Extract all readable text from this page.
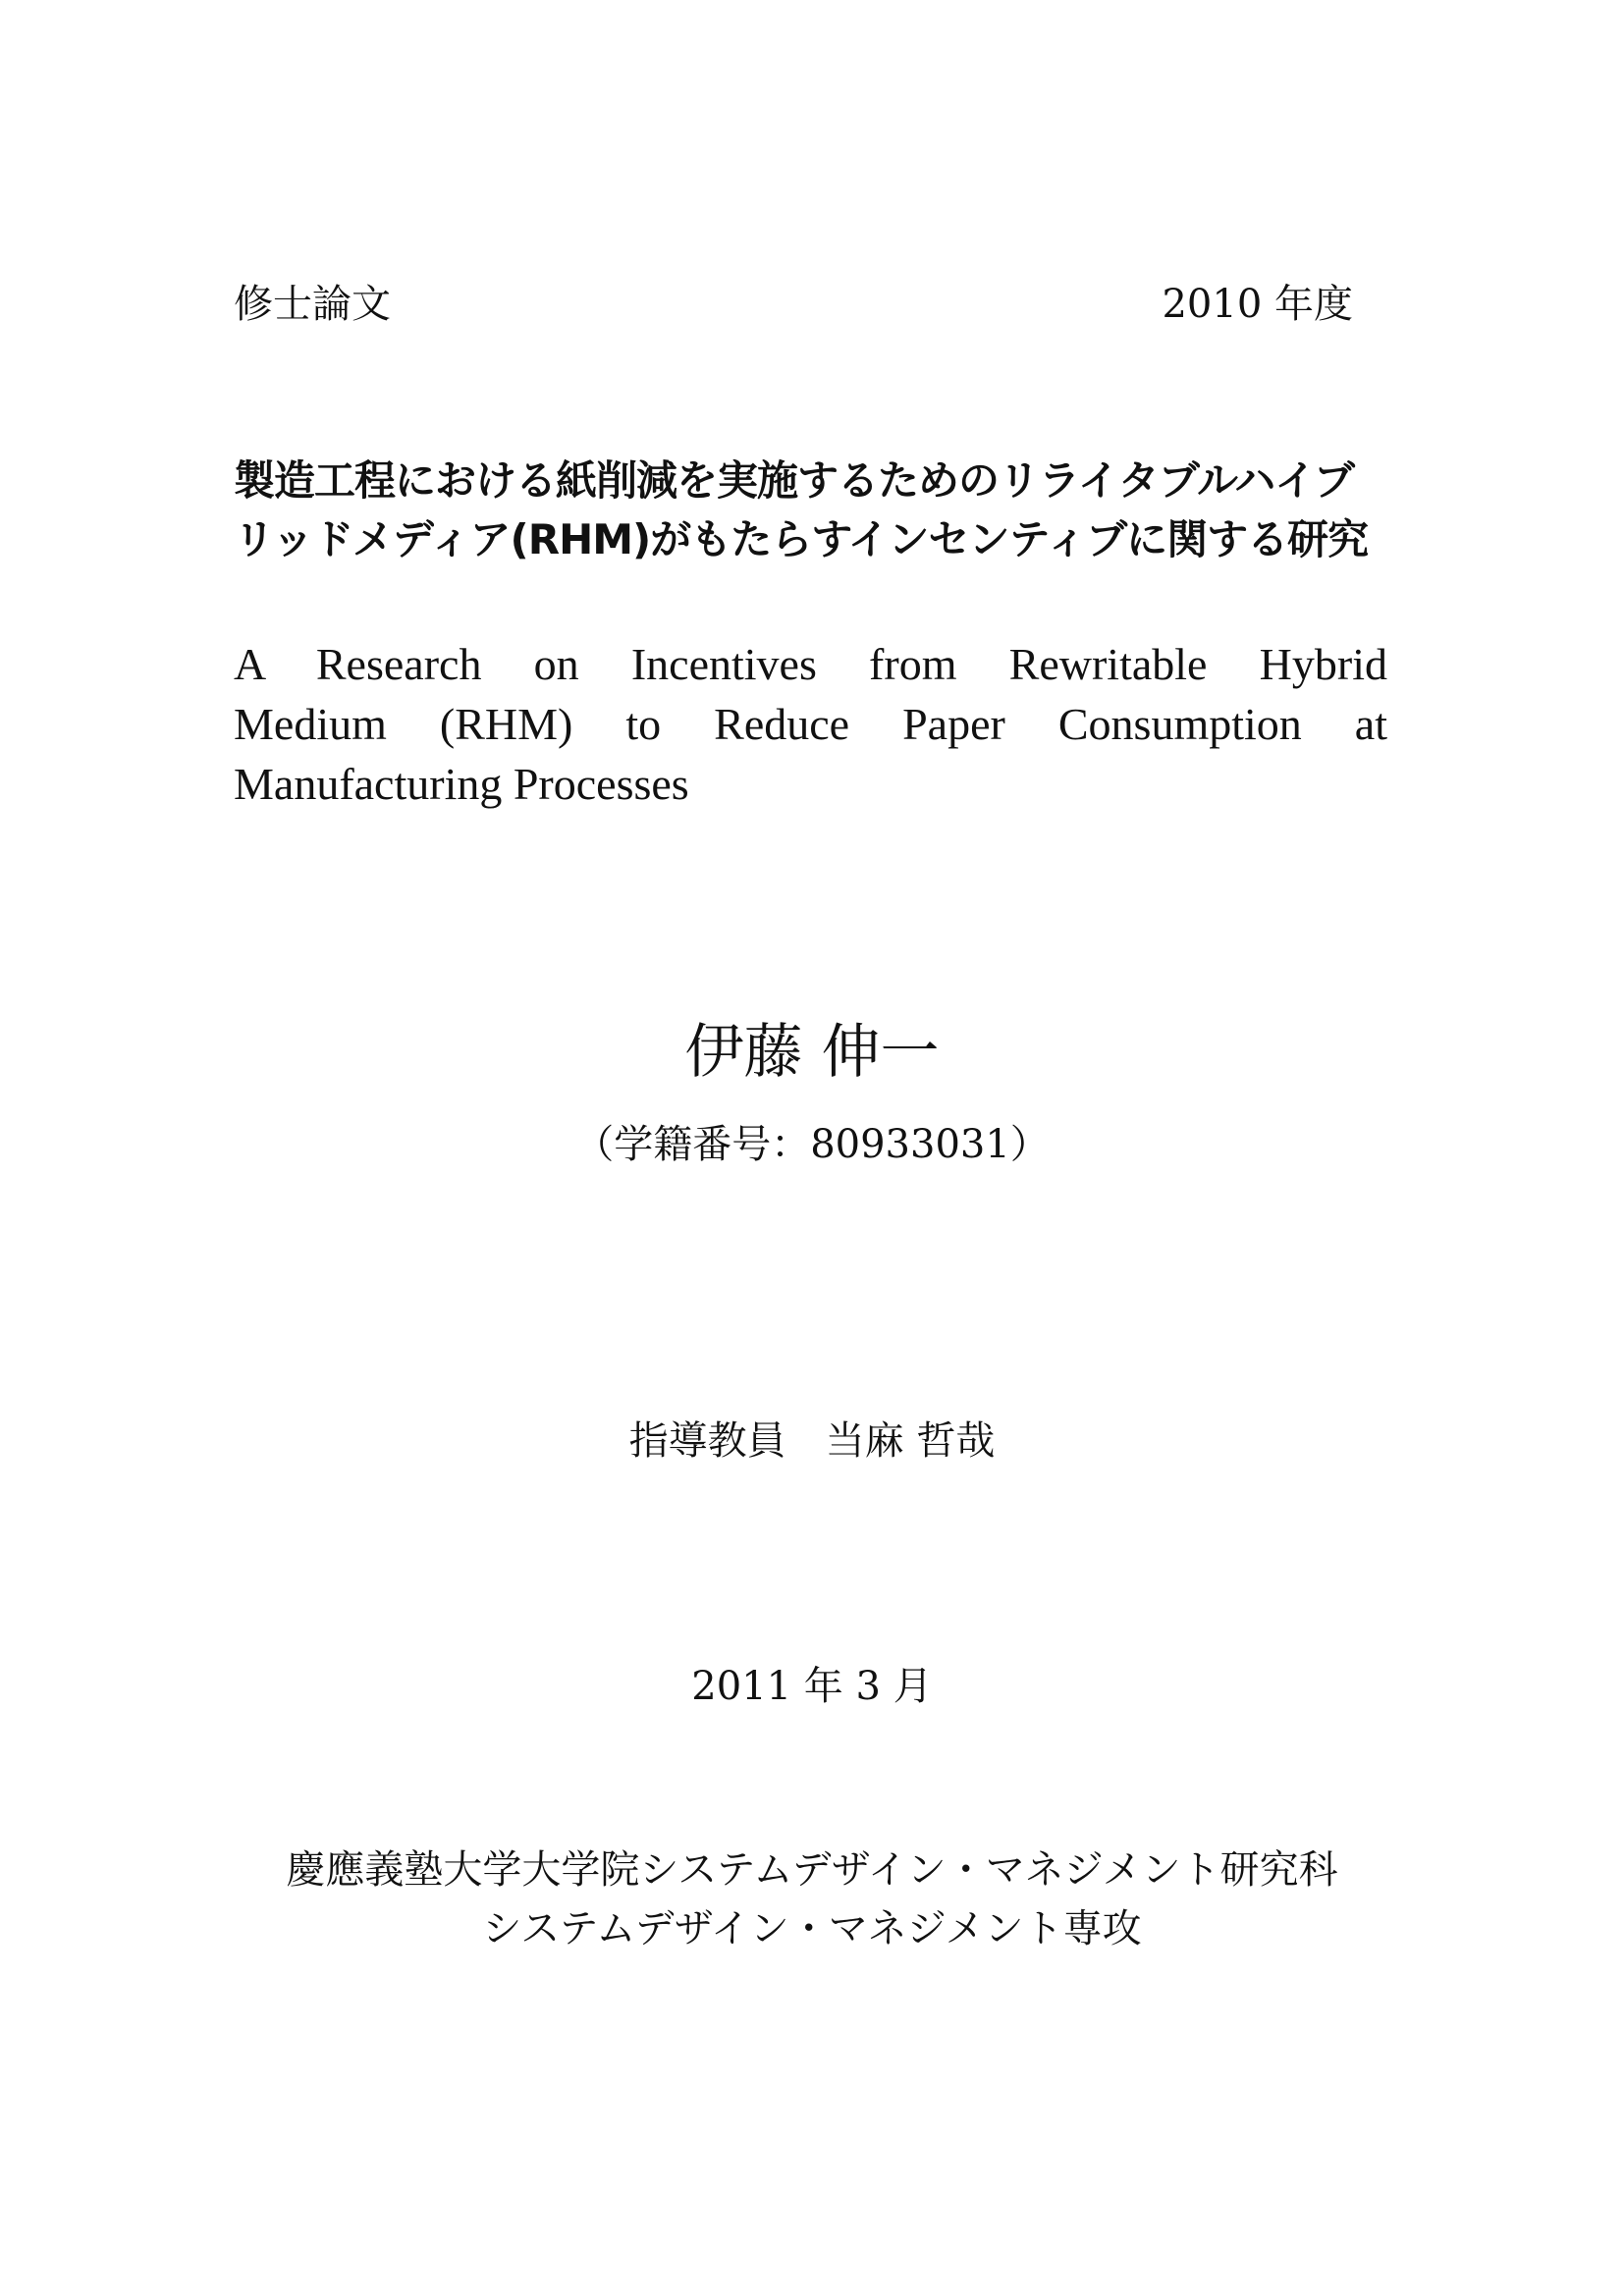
修士論文	2010 年度
製造工程における紙削減を実施するためのリライタブルハイブ
リッドメディア(RHM)がもたらすインセンティブに関する研究
A Research on Incentives from Rewritable Hybrid
Medium (RHM) to Reduce Paper Consumption at
Manufacturing Processes
伊藤 伸一
（学籍番号：80933031）
指導教員 当麻 哲哉
2011 年 3 月
慶應義塾大学大学院システムデザイン・マネジメント研究科
システムデザイン・マネジメント専攻
